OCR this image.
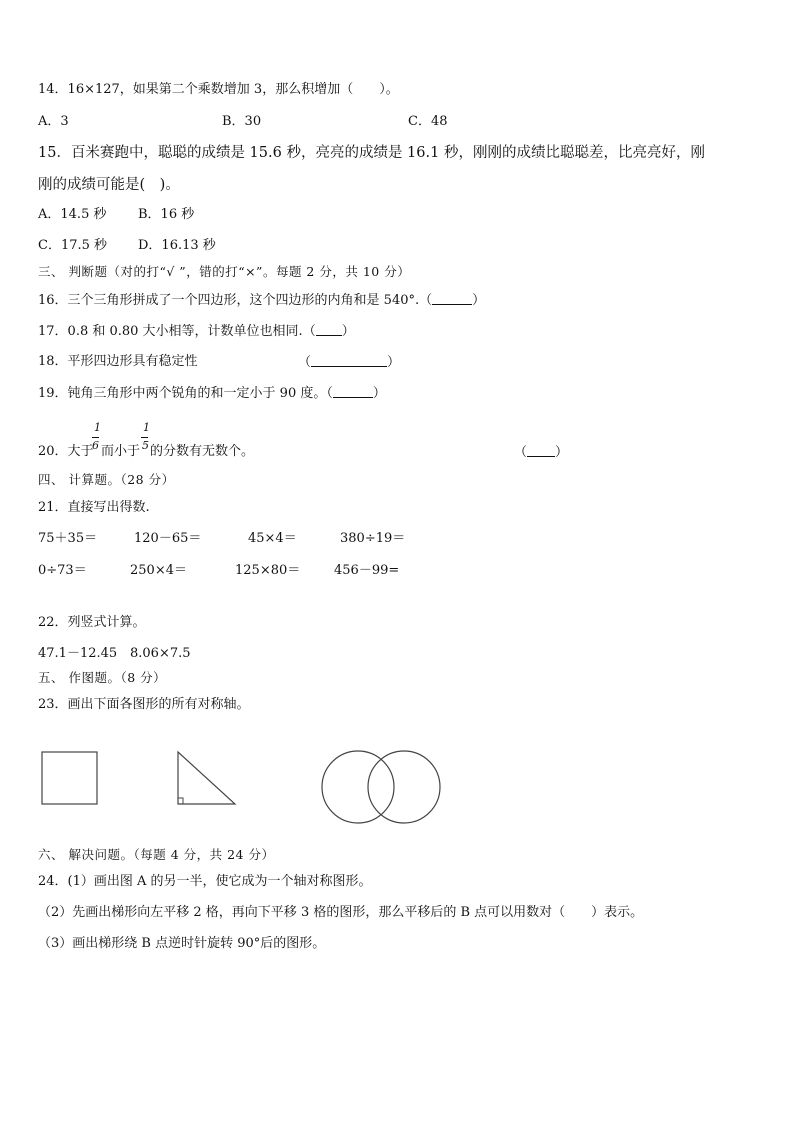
14．16×127，如果第二个乘数增加 3，那么积增加（　　）。
A．3	B．30	C．48
15．百米赛跑中，聪聪的成绩是 15.6 秒，亮亮的成绩是 16.1 秒，刚刚的成绩比聪聪差，比亮亮好，刚
刚的成绩可能是(　)。
A．14.5 秒 B．16 秒
C．17.5 秒 D．16.13 秒
三、 判断题（对的打“√ ”，错的打“×”。每题 2 分，共 10 分）
16．三个三角形拼成了一个四边形，这个四边形的内角和是 540°.（	）
17．0.8 和 0.80 大小相等，计数单位也相同.（ ）
18．平形四边形具有稳定性	（	）
19．钝角三角形中两个锐角的和一定小于 90 度。（	）
1
6
1
5
20．大于 而小于 的分数有无数个。	（ ）
四、 计算题。（28 分）
21．直接写出得数.
75＋35＝	120－65＝	45×4＝	380÷19＝
0÷73＝	250×4＝	125×80＝	456－99=
22．列竖式计算。
47.1－12.45 8.06×7.5
五、 作图题。（8 分）
23．画出下面各图形的所有对称轴。
六、 解决问题。（每题 4 分，共 24 分）
24．(1）画出图 A 的另一半，使它成为一个轴对称图形。
（2）先画出梯形向左平移 2 格，再向下平移 3 格的图形，那么平移后的 B 点可以用数对（　　）表示。
（3）画出梯形绕 B 点逆时针旋转 90°后的图形。
